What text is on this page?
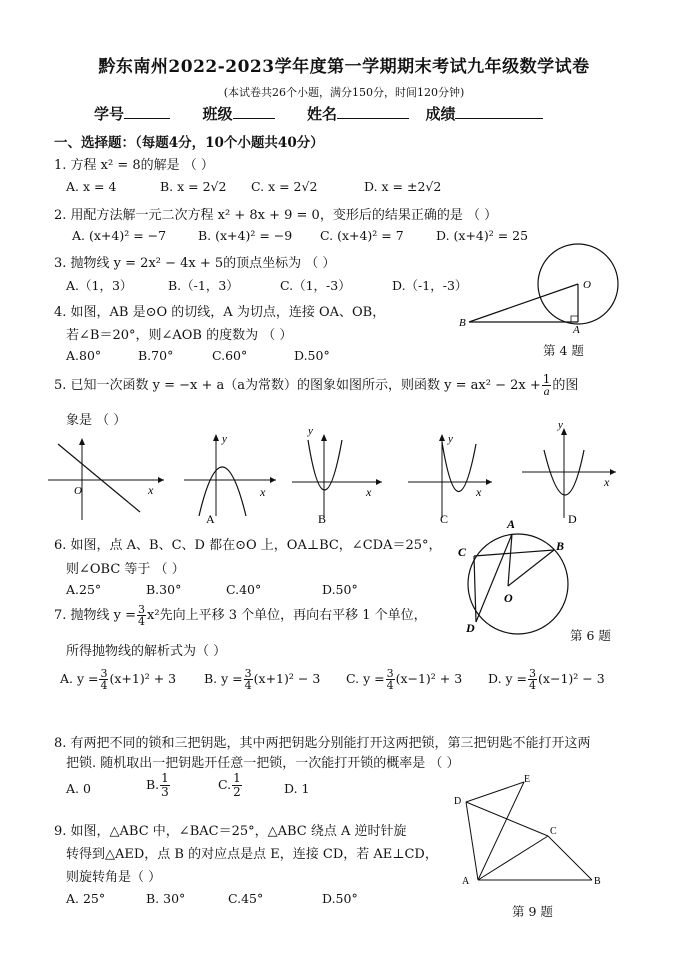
黔东南州2022-2023学年度第一学期期末考试九年级数学试卷
(本试卷共26个小题，满分150分，时间120分钟)
学号	班级	姓名	成绩
一、选择题：（每题4分，10个小题共40分）
1. 方程 x² = 8的解是 （ ）
A. x = 4	B. x = 2√2 C. x = 2√2	D. x = ±2√2
2. 用配方法解一元二次方程 x² + 8x + 9 = 0，变形后的结果正确的是 （ ）
A. (x+4)² = −7	B. (x+4)² = −9 C. (x+4)² = 7	D. (x+4)² = 25
3. 抛物线 y = 2x² − 4x + 5的顶点坐标为 （ ）
A.（1，3）	B.（-1，3）	C.（1，-3）	D.（-1，-3）	O
A
B
第 4 题
4. 如图，AB 是⊙O 的切线，A 为切点，连接 OA、OB，
若∠B＝20°，则∠AOB 的度数为 （ ）
A.80°	B.70°	C.60°	D.50°
5. 已知一次函数 y = −x + a（a为常数）的图象如图所示，则函数 $y = ax^2 - 2x + \frac{1}{a}$ 的图
象是 （ ）
O	x
y
x
A
y
x
B
y
x
C
y
x
D
A
B
C
D
O
第 6 题
6. 如图，点 A、B、C、D 都在⊙O 上，OA⊥BC，∠CDA＝25°，
则∠OBC 等于 （ ）
A.25°	B.30°	C.40°	D.50°
7. 抛物线 $y = \frac{3}{4} x^2$先向上平移 3 个单位，再向右平移 1 个单位，
所得抛物线的解析式为（ ）
A. $y = \frac{3}{4} (x+1)^2 + 3$ B. $y = \frac{3}{4} (x+1)^2 - 3$ C. $y = \frac{3}{4} (x-1)^2 + 3$ D. $y = \frac{3}{4} (x-1)^2 - 3$
8. 有两把不同的锁和三把钥匙，其中两把钥匙分别能打开这两把锁，第三把钥匙不能打开这两
把锁. 随机取出一把钥匙开任意一把锁，一次能打开锁的概率是 （ ）
A. 0	B. $\frac{1}{3}$	C. $\frac{1}{2}$	D. 1
D
E
C
A	B
第 9 题
9. 如图，△ABC 中，∠BAC＝25°，△ABC 绕点 A 逆时针旋
转得到△AED，点 B 的对应点是点 E，连接 CD，若 AE⊥CD，
则旋转角是（ ）
A. 25°	B. 30°	C.45°	D.50°
